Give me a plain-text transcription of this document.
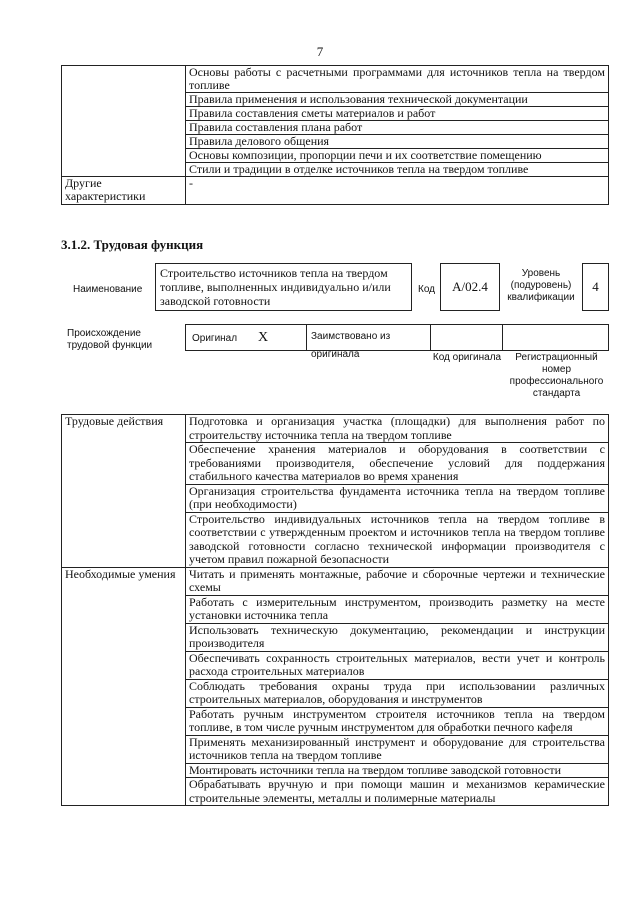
7
	Основы работы с расчетными программами для источников тепла на твердом топливе
	Правила применения и использования технической документации
	Правила составления сметы материалов и работ
	Правила составления плана работ
	Правила делового общения
	Основы композиции, пропорции печи и их соответствие помещению
	Стили и традиции в отделке источников тепла на твердом топливе
Другие характеристики	-
3.1.2. Трудовая функция
Наименование
Строительство источников тепла на твердом топливе, выполненных индивидуально и/или заводской готовности
Код	А/02.4
Уровень (подуровень) квалификации
4
Происхождение трудовой функции
Оригинал X	Заимствовано из оригинала	Код оригинала	Регистрационный номер профессионального стандарта
Трудовые действия	Подготовка и организация участка (площадки) для выполнения работ по строительству источника тепла на твердом топливе
	Обеспечение хранения материалов и оборудования в соответствии с требованиями производителя, обеспечение условий для поддержания стабильного качества материалов во время хранения
	Организация строительства фундамента источника тепла на твердом топливе (при необходимости)
	Строительство индивидуальных источников тепла на твердом топливе в соответствии с утвержденным проектом и источников тепла на твердом топливе заводской готовности согласно технической информации производителя с учетом правил пожарной безопасности
Необходимые умения	Читать и применять монтажные, рабочие и сборочные чертежи и технические схемы
	Работать с измерительным инструментом, производить разметку на месте установки источника тепла
	Использовать техническую документацию, рекомендации и инструкции производителя
	Обеспечивать сохранность строительных материалов, вести учет и контроль расхода строительных материалов
	Соблюдать требования охраны труда при использовании различных строительных материалов, оборудования и инструментов
	Работать ручным инструментом строителя источников тепла на твердом топливе, в том числе ручным инструментом для обработки печного кафеля
	Применять механизированный инструмент и оборудование для строительства источников тепла на твердом топливе
	Монтировать источники тепла на твердом топливе заводской готовности
	Обрабатывать вручную и при помощи машин и механизмов керамические строительные элементы, металлы и полимерные материалы
